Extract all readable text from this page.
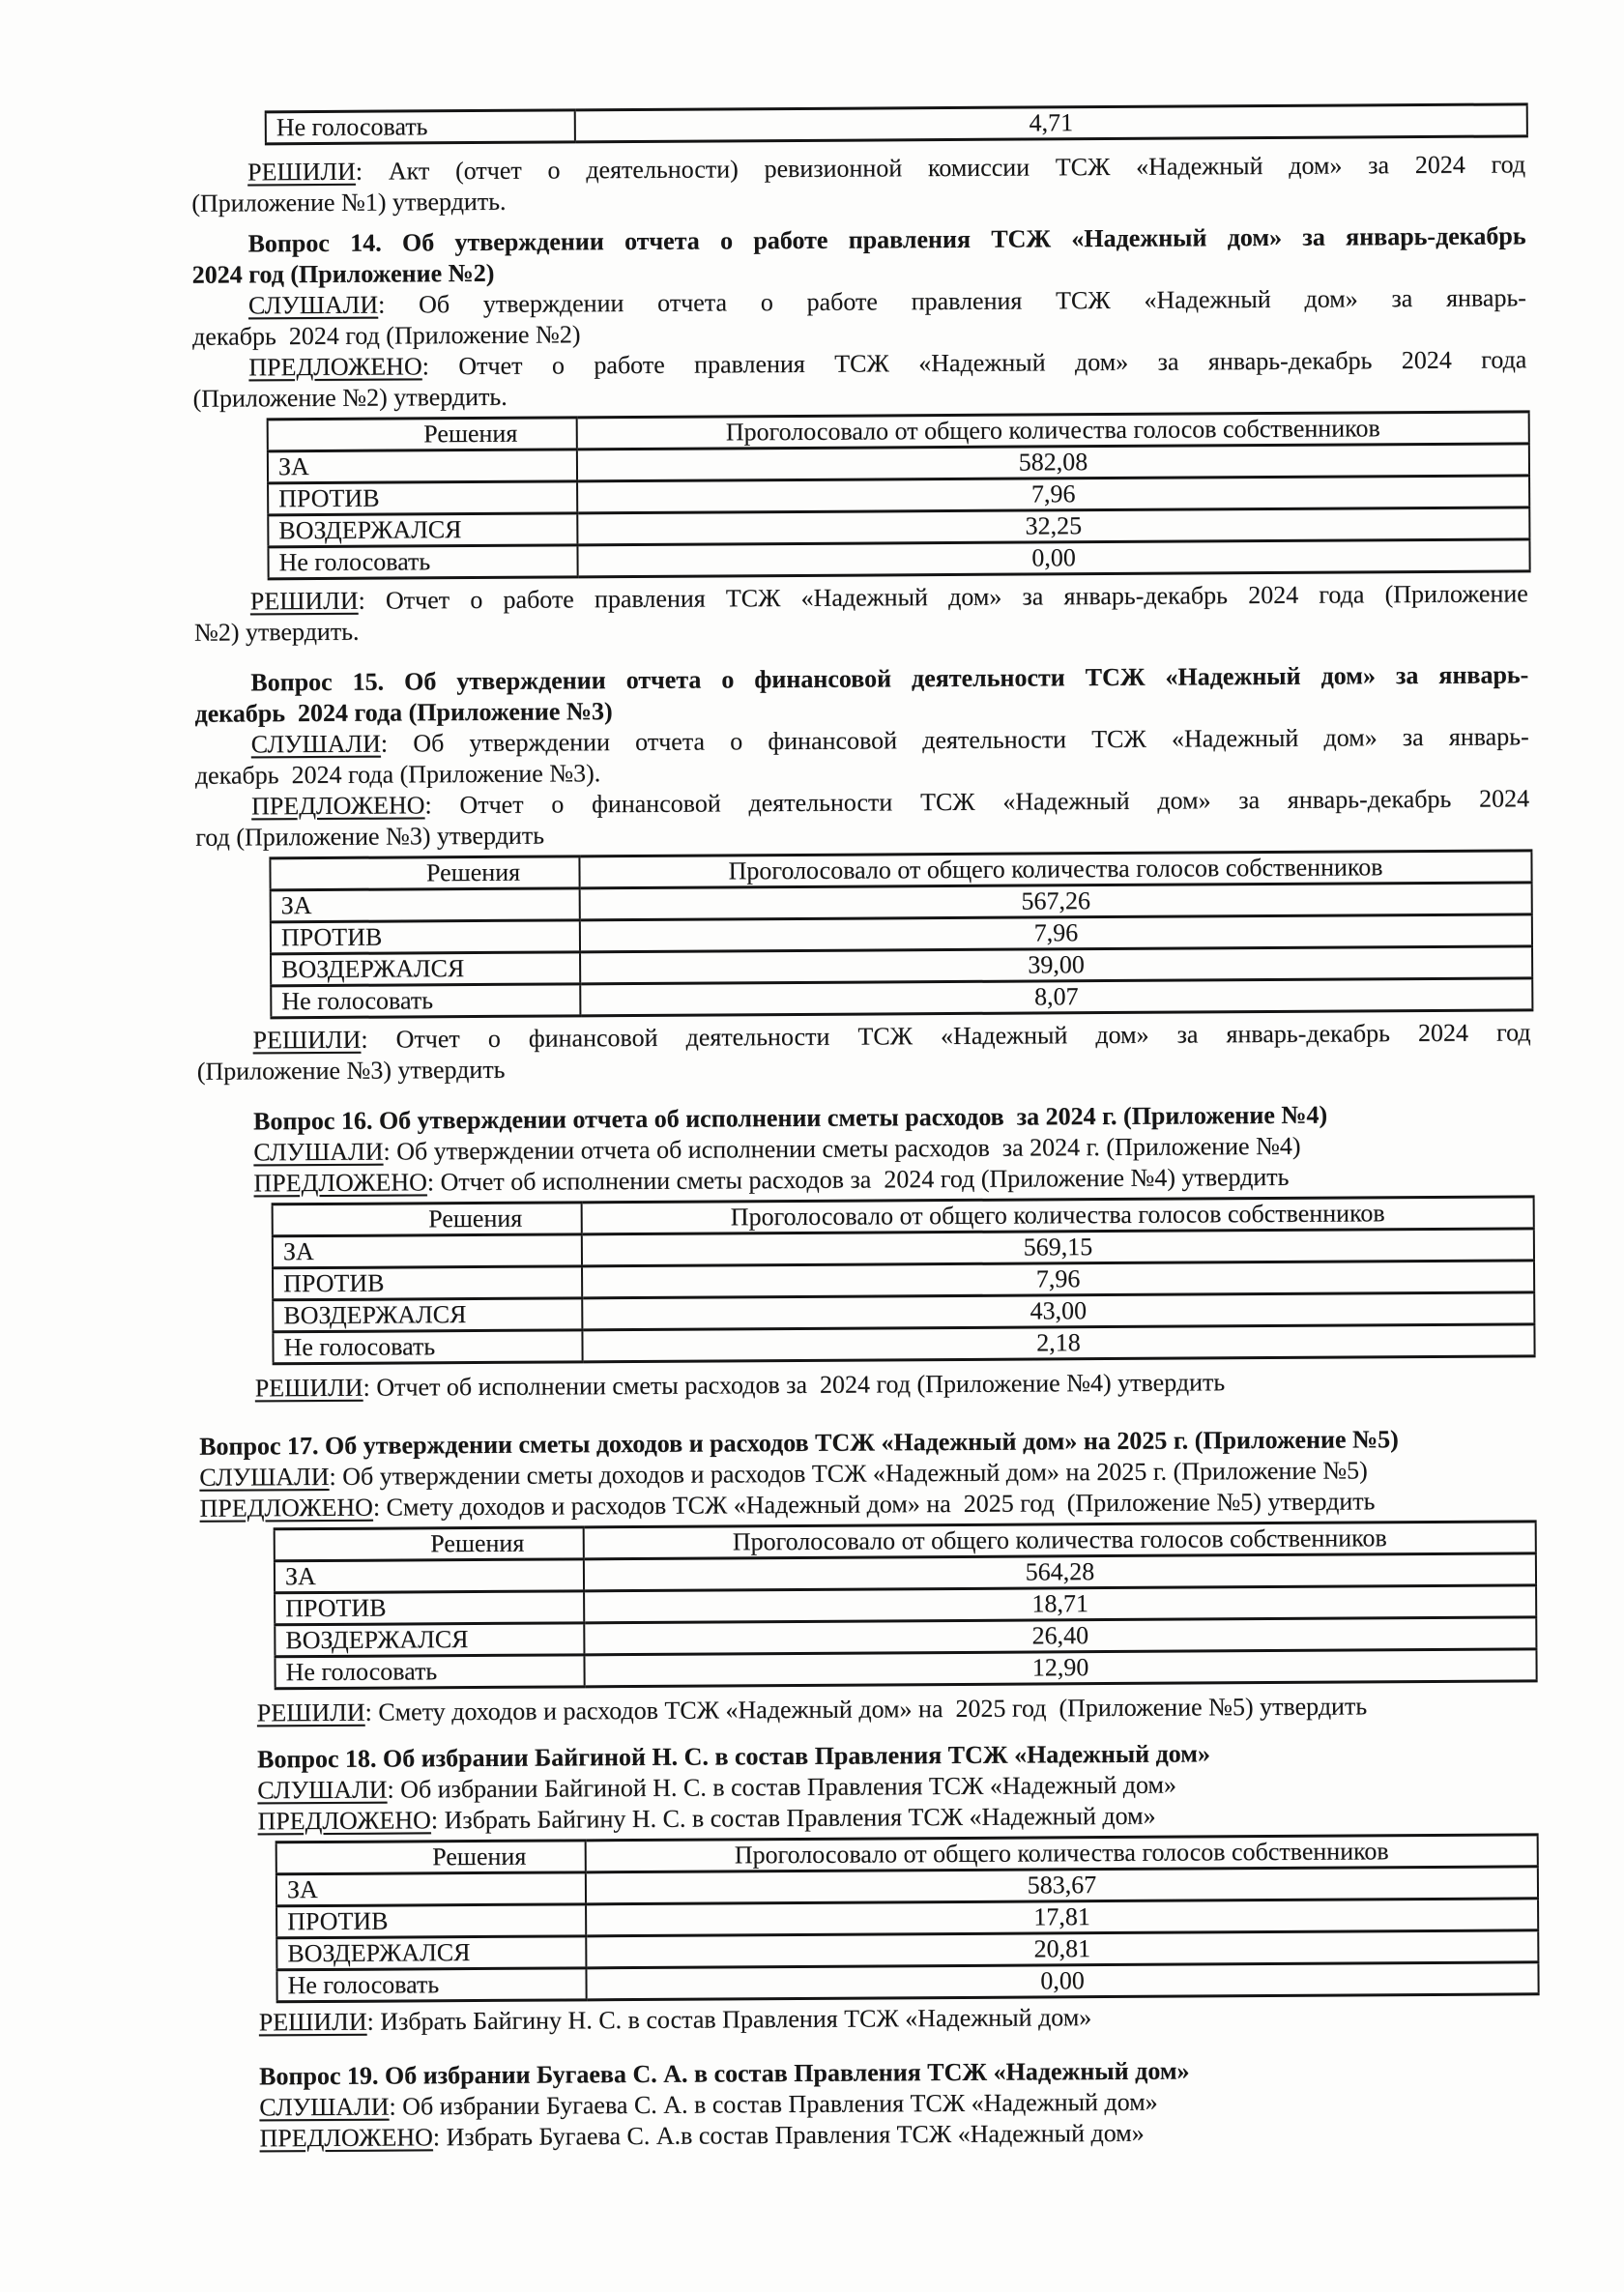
Не голосовать	4,71
РЕШИЛИ: Акт (отчет о деятельности) ревизионной комиссии ТСЖ «Надежный дом» за 2024 год
(Приложение №1) утвердить.
Вопрос 14. Об утверждении отчета о работе правления ТСЖ «Надежный дом» за январь-декабрь
2024 год (Приложение №2)
СЛУШАЛИ: Об утверждении отчета о работе правления ТСЖ «Надежный дом» за январь-
декабрь  2024 год (Приложение №2)
ПРЕДЛОЖЕНО: Отчет о работе правления ТСЖ «Надежный дом» за январь-декабрь 2024 года
(Приложение №2) утвердить.
Решения	Проголосовало от общего количества голосов собственников
ЗА	582,08
ПРОТИВ	7,96
ВОЗДЕРЖАЛСЯ	32,25
Не голосовать	0,00
РЕШИЛИ: Отчет о работе правления ТСЖ «Надежный дом» за январь-декабрь 2024 года (Приложение
№2) утвердить.
Вопрос 15. Об утверждении отчета о финансовой деятельности ТСЖ «Надежный дом» за январь-
декабрь  2024 года (Приложение №3)
СЛУШАЛИ: Об утверждении отчета о финансовой деятельности ТСЖ «Надежный дом» за январь-
декабрь  2024 года (Приложение №3).
ПРЕДЛОЖЕНО: Отчет о финансовой деятельности ТСЖ «Надежный дом» за январь-декабрь 2024
год (Приложение №3) утвердить
Решения	Проголосовало от общего количества голосов собственников
ЗА	567,26
ПРОТИВ	7,96
ВОЗДЕРЖАЛСЯ	39,00
Не голосовать	8,07
РЕШИЛИ: Отчет о финансовой деятельности ТСЖ «Надежный дом» за январь-декабрь 2024 год
(Приложение №3) утвердить
Вопрос 16. Об утверждении отчета об исполнении сметы расходов  за 2024 г. (Приложение №4)
СЛУШАЛИ: Об утверждении отчета об исполнении сметы расходов  за 2024 г. (Приложение №4)
ПРЕДЛОЖЕНО: Отчет об исполнении сметы расходов за  2024 год (Приложение №4) утвердить
Решения	Проголосовало от общего количества голосов собственников
ЗА	569,15
ПРОТИВ	7,96
ВОЗДЕРЖАЛСЯ	43,00
Не голосовать	2,18
РЕШИЛИ: Отчет об исполнении сметы расходов за  2024 год (Приложение №4) утвердить
Вопрос 17. Об утверждении сметы доходов и расходов ТСЖ «Надежный дом» на 2025 г. (Приложение №5)
СЛУШАЛИ: Об утверждении сметы доходов и расходов ТСЖ «Надежный дом» на 2025 г. (Приложение №5)
ПРЕДЛОЖЕНО: Смету доходов и расходов ТСЖ «Надежный дом» на  2025 год  (Приложение №5) утвердить
Решения	Проголосовало от общего количества голосов собственников
ЗА	564,28
ПРОТИВ	18,71
ВОЗДЕРЖАЛСЯ	26,40
Не голосовать	12,90
РЕШИЛИ: Смету доходов и расходов ТСЖ «Надежный дом» на  2025 год  (Приложение №5) утвердить
Вопрос 18. Об избрании Байгиной Н. С. в состав Правления ТСЖ «Надежный дом»
СЛУШАЛИ: Об избрании Байгиной Н. С. в состав Правления ТСЖ «Надежный дом»
ПРЕДЛОЖЕНО: Избрать Байгину Н. С. в состав Правления ТСЖ «Надежный дом»
Решения	Проголосовало от общего количества голосов собственников
ЗА	583,67
ПРОТИВ	17,81
ВОЗДЕРЖАЛСЯ	20,81
Не голосовать	0,00
РЕШИЛИ: Избрать Байгину Н. С. в состав Правления ТСЖ «Надежный дом»
Вопрос 19. Об избрании Бугаева С. А. в состав Правления ТСЖ «Надежный дом»
СЛУШАЛИ: Об избрании Бугаева С. А. в состав Правления ТСЖ «Надежный дом»
ПРЕДЛОЖЕНО: Избрать Бугаева С. А.в состав Правления ТСЖ «Надежный дом»
